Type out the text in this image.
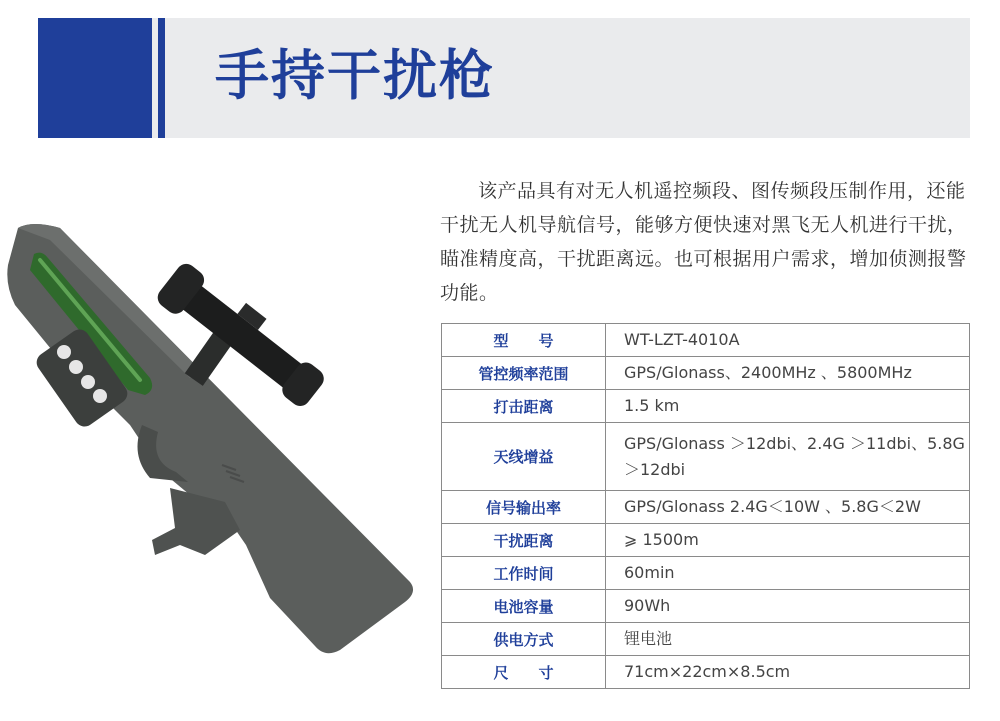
手持干扰枪
该产品具有对无人机遥控频段、图传频段压制作用，还能干扰无人机导航信号，能够方便快速对黑飞无人机进行干扰，瞄准精度高，干扰距离远。也可根据用户需求，增加侦测报警功能。
型　　号	WT-LZT-4010A
管控频率范围	GPS/Glonass、2400MHz 、5800MHz
打击距离	1.5 km
天线增益	GPS/Glonass ＞12dbi、2.4G ＞11dbi、5.8G ＞12dbi
信号输出率	GPS/Glonass 2.4G＜10W 、5.8G＜2W
干扰距离	⩾ 1500m
工作时间	60min
电池容量	90Wh
供电方式	锂电池
尺　　寸	71cm×22cm×8.5cm
